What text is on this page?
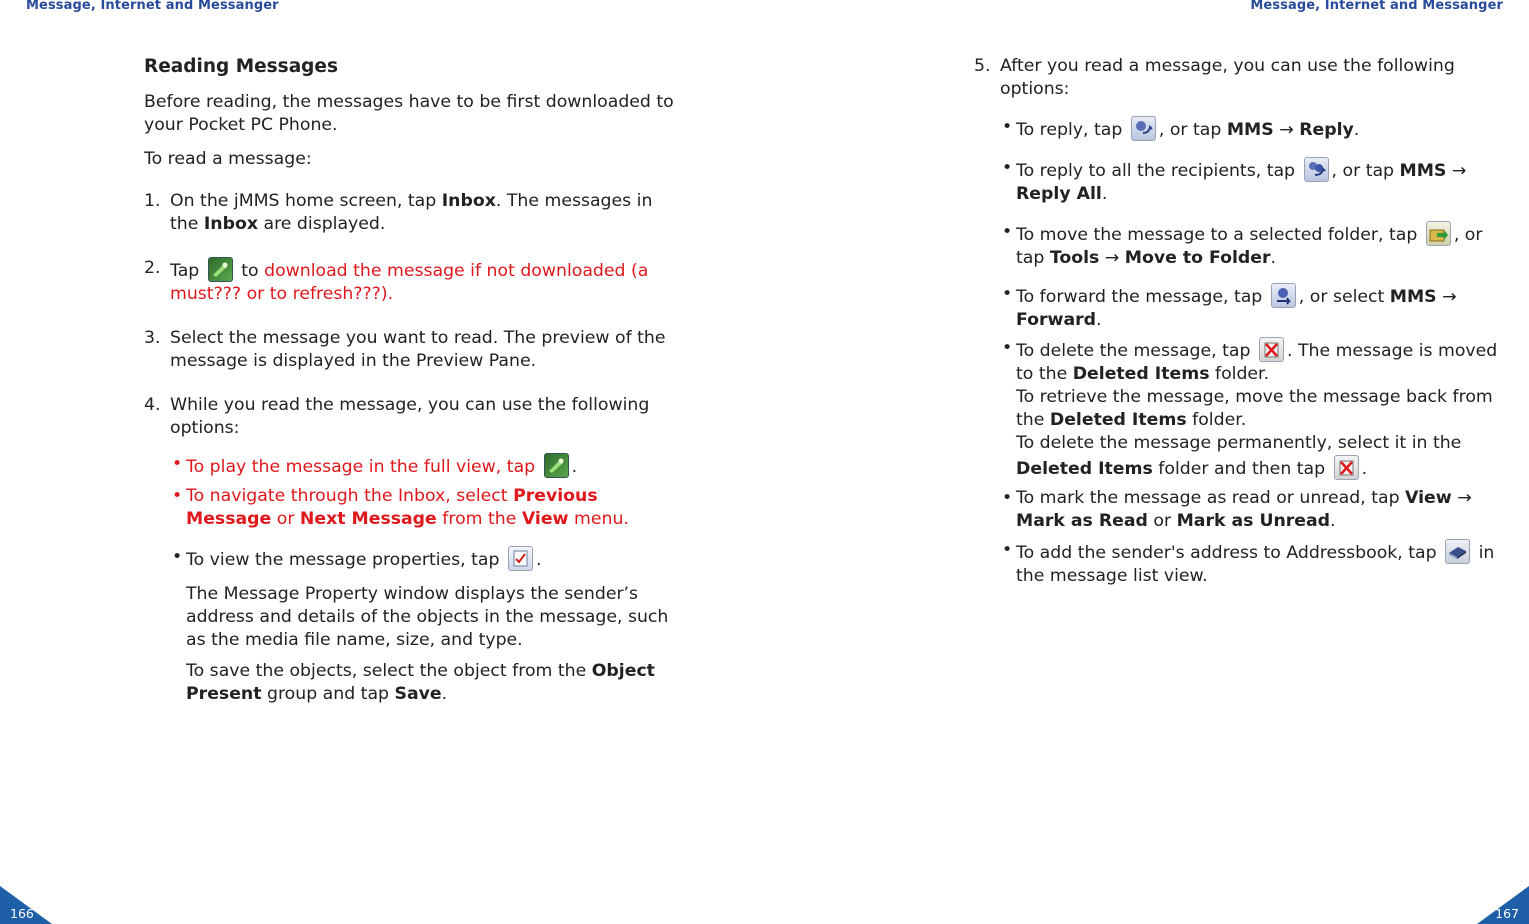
Message, Internet and Messanger	Message, Internet and Messanger
Reading Messages

Before reading, the messages have to be first downloaded to your Pocket PC Phone.

To read a message:

1. On the jMMS home screen, tap Inbox. The messages in the Inbox are displayed.
2. Tap
to download the message if not downloaded (a must??? or to refresh???).
3. Select the message you want to read. The preview of the message is displayed in the Preview Pane.
4. While you read the message, you can use the following options:
• To play the message in the full view, tap
.
• To navigate through the Inbox, select Previous Message or Next Message from the View menu.
• To view the message properties, tap
.
The Message Property window displays the sender’s address and details of the objects in the message, such as the media file name, size, and type.
To save the objects, select the object from the Object Present group and tap Save.
5. After you read a message, you can use the following options:
• To reply, tap
, or tap MMS → Reply.
• To reply to all the recipients, tap
, or tap MMS → Reply All.
• To move the message to a selected folder, tap
, or tap Tools → Move to Folder.
• To forward the message, tap
, or select MMS → Forward.
• To delete the message, tap
. The message is moved to the Deleted Items folder.
To retrieve the message, move the message back from the Deleted Items folder.
To delete the message permanently, select it in the Deleted Items folder and then tap
.
• To mark the message as read or unread, tap View → Mark as Read or Mark as Unread.
• To add the sender's address to Addressbook, tap
in the message list view.
166	167
